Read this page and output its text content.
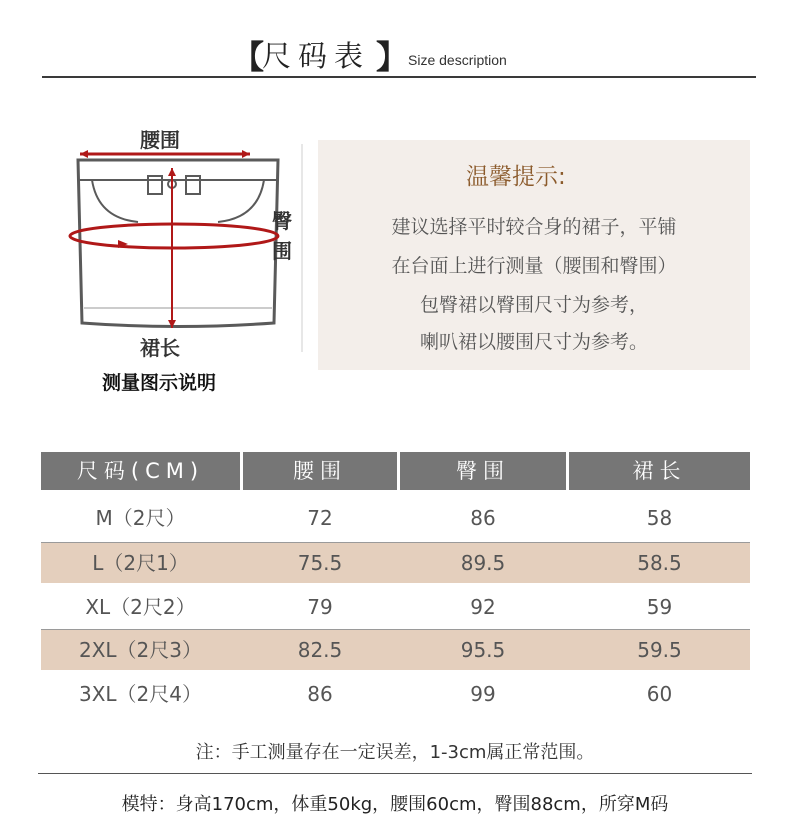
【
尺码表 】 Size description
腰围
臀围
裙长
测量图示说明
温馨提示:
建议选择平时较合身的裙子，平铺
在台面上进行测量（腰围和臀围）
包臀裙以臀围尺寸为参考，
喇叭裙以腰围尺寸为参考。
尺码(CM)	腰围	臀围	裙长
M（2尺）	72	86	58
L（2尺1）	75.5	89.5	58.5
XL（2尺2）	79	92	59
2XL（2尺3）	82.5	95.5	59.5
3XL（2尺4）	86	99	60
注：手工测量存在一定误差，1-3cm属正常范围。
模特：身高170cm，体重50kg，腰围60cm，臀围88cm，所穿M码
